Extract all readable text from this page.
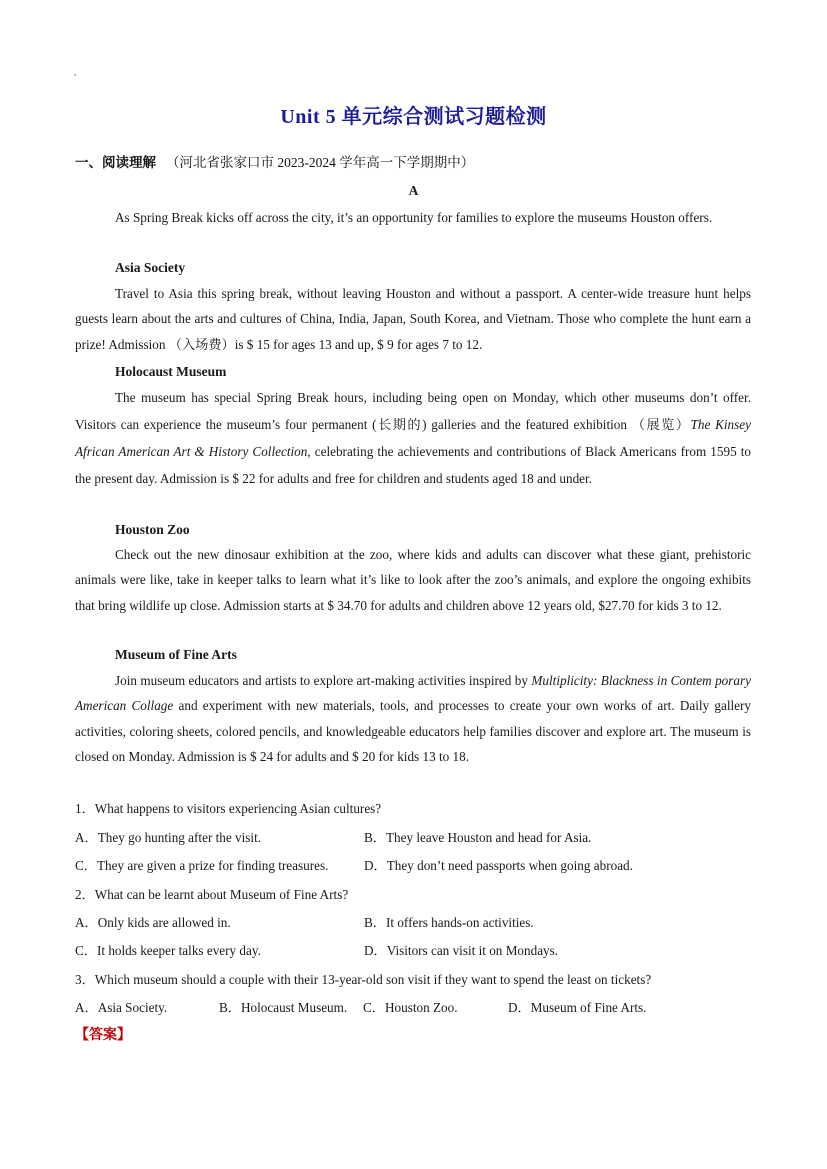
Unit 5 单元综合测试习题检测
一、阅读理解 （河北省张家口市 2023-2024 学年高一下学期期中）
A
As Spring Break kicks off across the city, it’s an opportunity for families to explore the museums Houston offers.
Asia Society
Travel to Asia this spring break, without leaving Houston and without a passport. A center-wide treasure hunt helps guests learn about the arts and cultures of China, India, Japan, South Korea, and Vietnam. Those who complete the hunt earn a prize! Admission （入场费）is $ 15 for ages 13 and up, $ 9 for ages 7 to 12.
Holocaust Museum
The museum has special Spring Break hours, including being open on Monday, which other museums don’t offer. Visitors can experience the museum’s four permanent (长期的) galleries and the featured exhibition （展览）The Kinsey African American Art & History Collection, celebrating the achievements and contributions of Black Americans from 1595 to the present day. Admission is $ 22 for adults and free for children and students aged 18 and under.
Houston Zoo
Check out the new dinosaur exhibition at the zoo, where kids and adults can discover what these giant, prehistoric animals were like, take in keeper talks to learn what it’s like to look after the zoo’s animals, and explore the ongoing exhibits that bring wildlife up close. Admission starts at $ 34.70 for adults and children above 12 years old, $27.70 for kids 3 to 12.
Museum of Fine Arts
Join museum educators and artists to explore art-making activities inspired by Multiplicity: Blackness in Contem porary American Collage and experiment with new materials, tools, and processes to create your own works of art. Daily gallery activities, coloring sheets, colored pencils, and knowledgeable educators help families discover and explore art. The museum is closed on Monday. Admission is $ 24 for adults and $ 20 for kids 13 to 18.
1．What happens to visitors experiencing Asian cultures?
A．They go hunting after the visit.	B．They leave Houston and head for Asia.
C．They are given a prize for finding treasures.	D．They don’t need passports when going abroad.
2．What can be learnt about Museum of Fine Arts?
A．Only kids are allowed in.	B．It offers hands-on activities.
C．It holds keeper talks every day.	D．Visitors can visit it on Mondays.
3．Which museum should a couple with their 13-year-old son visit if they want to spend the least on tickets?
A．Asia Society.	B．Holocaust Museum. C．Houston Zoo.	D．Museum of Fine Arts.
【答案】
